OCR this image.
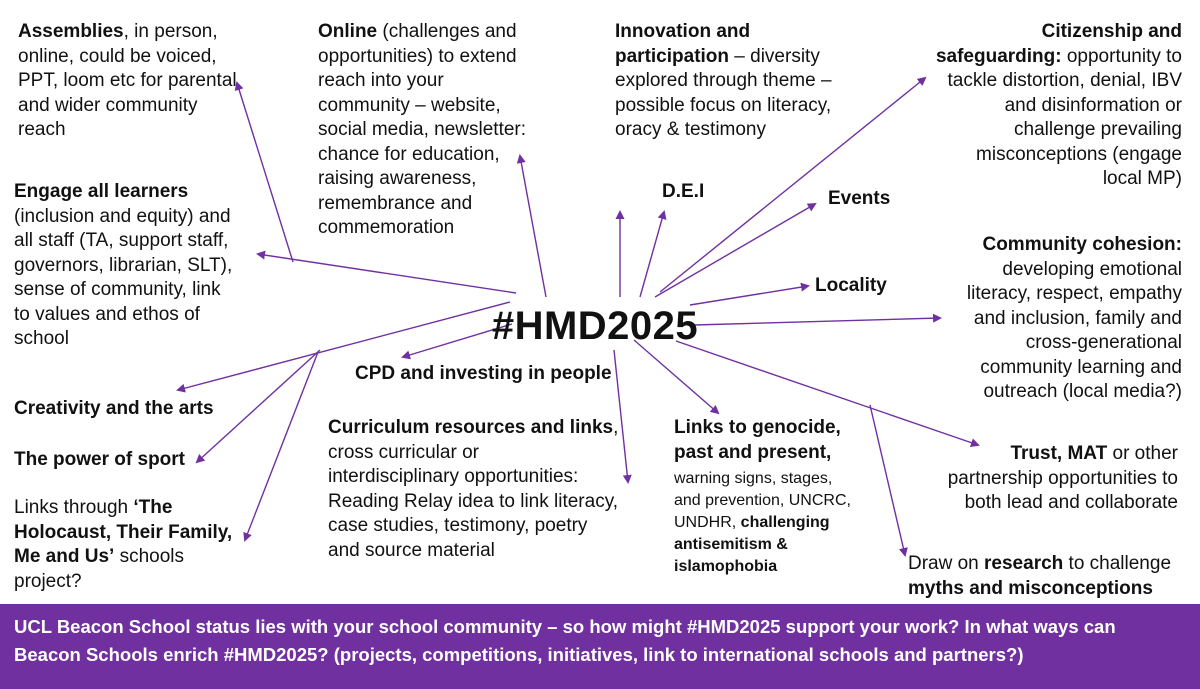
Assemblies, in person,
online, could be voiced,
PPT, loom etc for parental
and wider community
reach
Online (challenges and
opportunities) to extend
reach into your
community – website,
social media, newsletter:
chance for education,
raising awareness,
remembrance and
commemoration
Innovation and
participation – diversity
explored through theme –
possible focus on literacy,
oracy & testimony
Citizenship and
safeguarding: opportunity to
tackle distortion, denial, IBV
and disinformation or
challenge prevailing
misconceptions (engage
local MP)
Engage all learners
(inclusion and equity) and
all staff (TA, support staff,
governors, librarian, SLT),
sense of community, link
to values and ethos of
school
D.E.I	Events
Locality
Community cohesion:
developing emotional
literacy, respect, empathy
and inclusion, family and
cross-generational
community learning and
outreach (local media?)
#HMD2025
CPD and investing in people
Creativity and the arts
The power of sport
Curriculum resources and links,
cross curricular or
interdisciplinary opportunities:
Reading Relay idea to link literacy,
case studies, testimony, poetry
and source material
Links to genocide,
past and present,
warning signs, stages,
and prevention, UNCRC,
UNDHR, challenging
antisemitism &
islamophobia
Trust, MAT or other
partnership opportunities to
both lead and collaborate
Links through ‘The
Holocaust, Their Family,
Me and Us’ schools
project?
Draw on research to challenge
myths and misconceptions
UCL Beacon School status lies with your school community – so how might #HMD2025 support your work? In what ways can
Beacon Schools enrich #HMD2025? (projects, competitions, initiatives, link to international schools and partners?)
